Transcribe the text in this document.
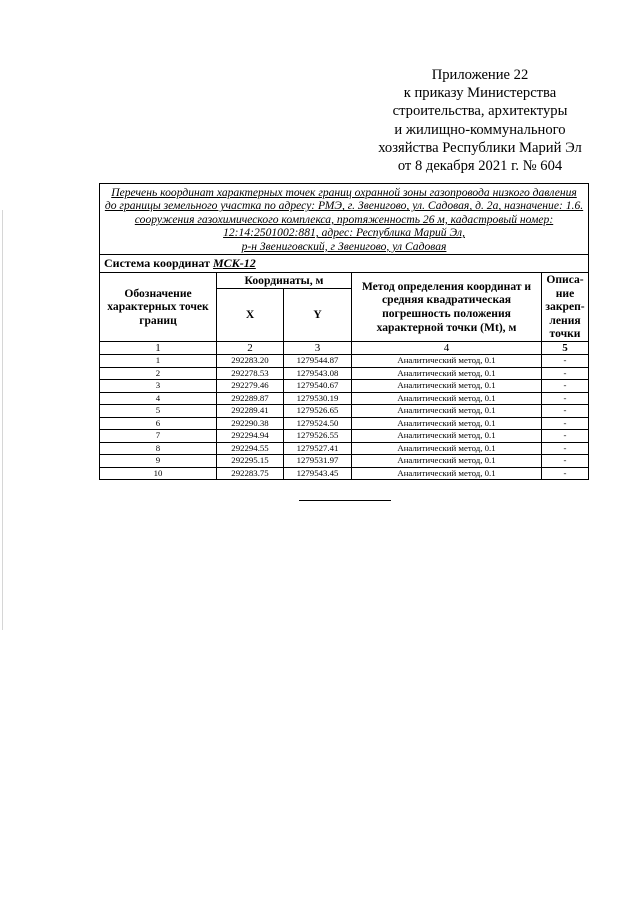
Приложение 22
к приказу Министерства
строительства, архитектуры
и жилищно-коммунального
хозяйства Республики Марий Эл
от 8 декабря 2021 г. № 604
Перечень координат характерных точек границ охранной зоны газопровода низкого давления
до границы земельного участка по адресу: РМЭ, г. Звенигово, ул. Садовая, д. 2а, назначение: 1.6.
сооружения газохимического комплекса, протяженность 26 м, кадастровый номер:
12:14:2501002:881, адрес: Республика Марий Эл,
р-н Звениговский, г Звенигово, ул Садовая				
Система координат МСК-12				
Обозначение характерных точек границ	Координаты, м		Метод определения координат и средняя квадратическая погрешность положения характерной точки (Mt), м	Описа-ние закреп-ления точки
	X	Y		
1	2	3	4	5
1	292283.20	1279544.87	Аналитический метод, 0.1	-
2	292278.53	1279543.08	Аналитический метод, 0.1	-
3	292279.46	1279540.67	Аналитический метод, 0.1	-
4	292289.87	1279530.19	Аналитический метод, 0.1	-
5	292289.41	1279526.65	Аналитический метод, 0.1	-
6	292290.38	1279524.50	Аналитический метод, 0.1	-
7	292294.94	1279526.55	Аналитический метод, 0.1	-
8	292294.55	1279527.41	Аналитический метод, 0.1	-
9	292295.15	1279531.97	Аналитический метод, 0.1	-
10	292283.75	1279543.45	Аналитический метод, 0.1	-
